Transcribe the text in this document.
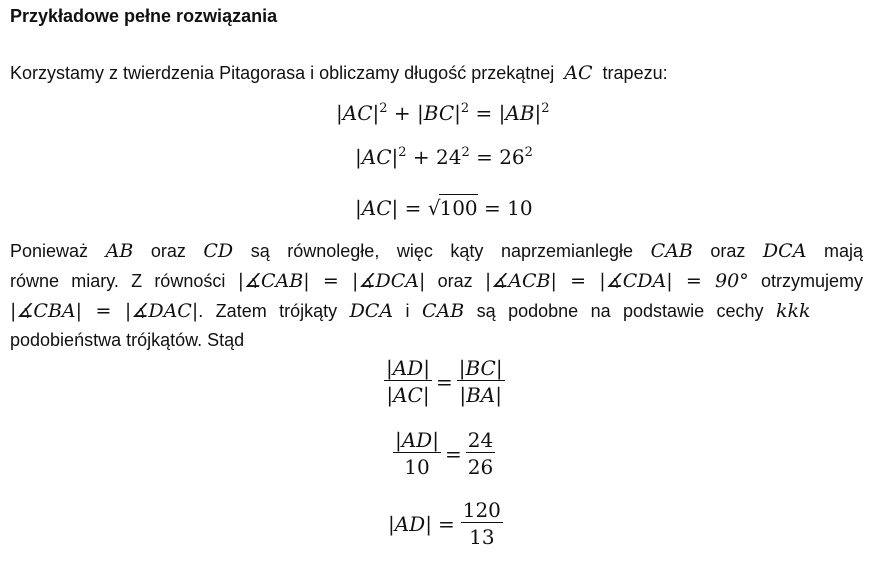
Przykładowe pełne rozwiązania
Korzystamy z twierdzenia Pitagorasa i obliczamy długość przekątnej AC trapezu:
$|AC|^2 + |BC|^2 = |AB|^2$
$|AC|^2 + 24^2 = 26^2$
|AC| = √100 = 10
Ponieważ AB oraz CD są równoległe, więc kąty naprzemianległe CAB oraz DCA mają
równe miary. Z równości |∡CAB| = |∡DCA| oraz |∡ACB| = |∡CDA| = 90° otrzymujemy
|∡CBA| = |∡DAC|. Zatem trójkąty DCA i CAB są podobne na podstawie cechy kkk
podobieństwa trójkątów. Stąd
$\frac{|AD|}{|AC|} = \frac{|BC|}{|BA|}$
$\frac{|AD|}{10} = \frac{24}{26}$
$|AD| = \frac{120}{13}$
